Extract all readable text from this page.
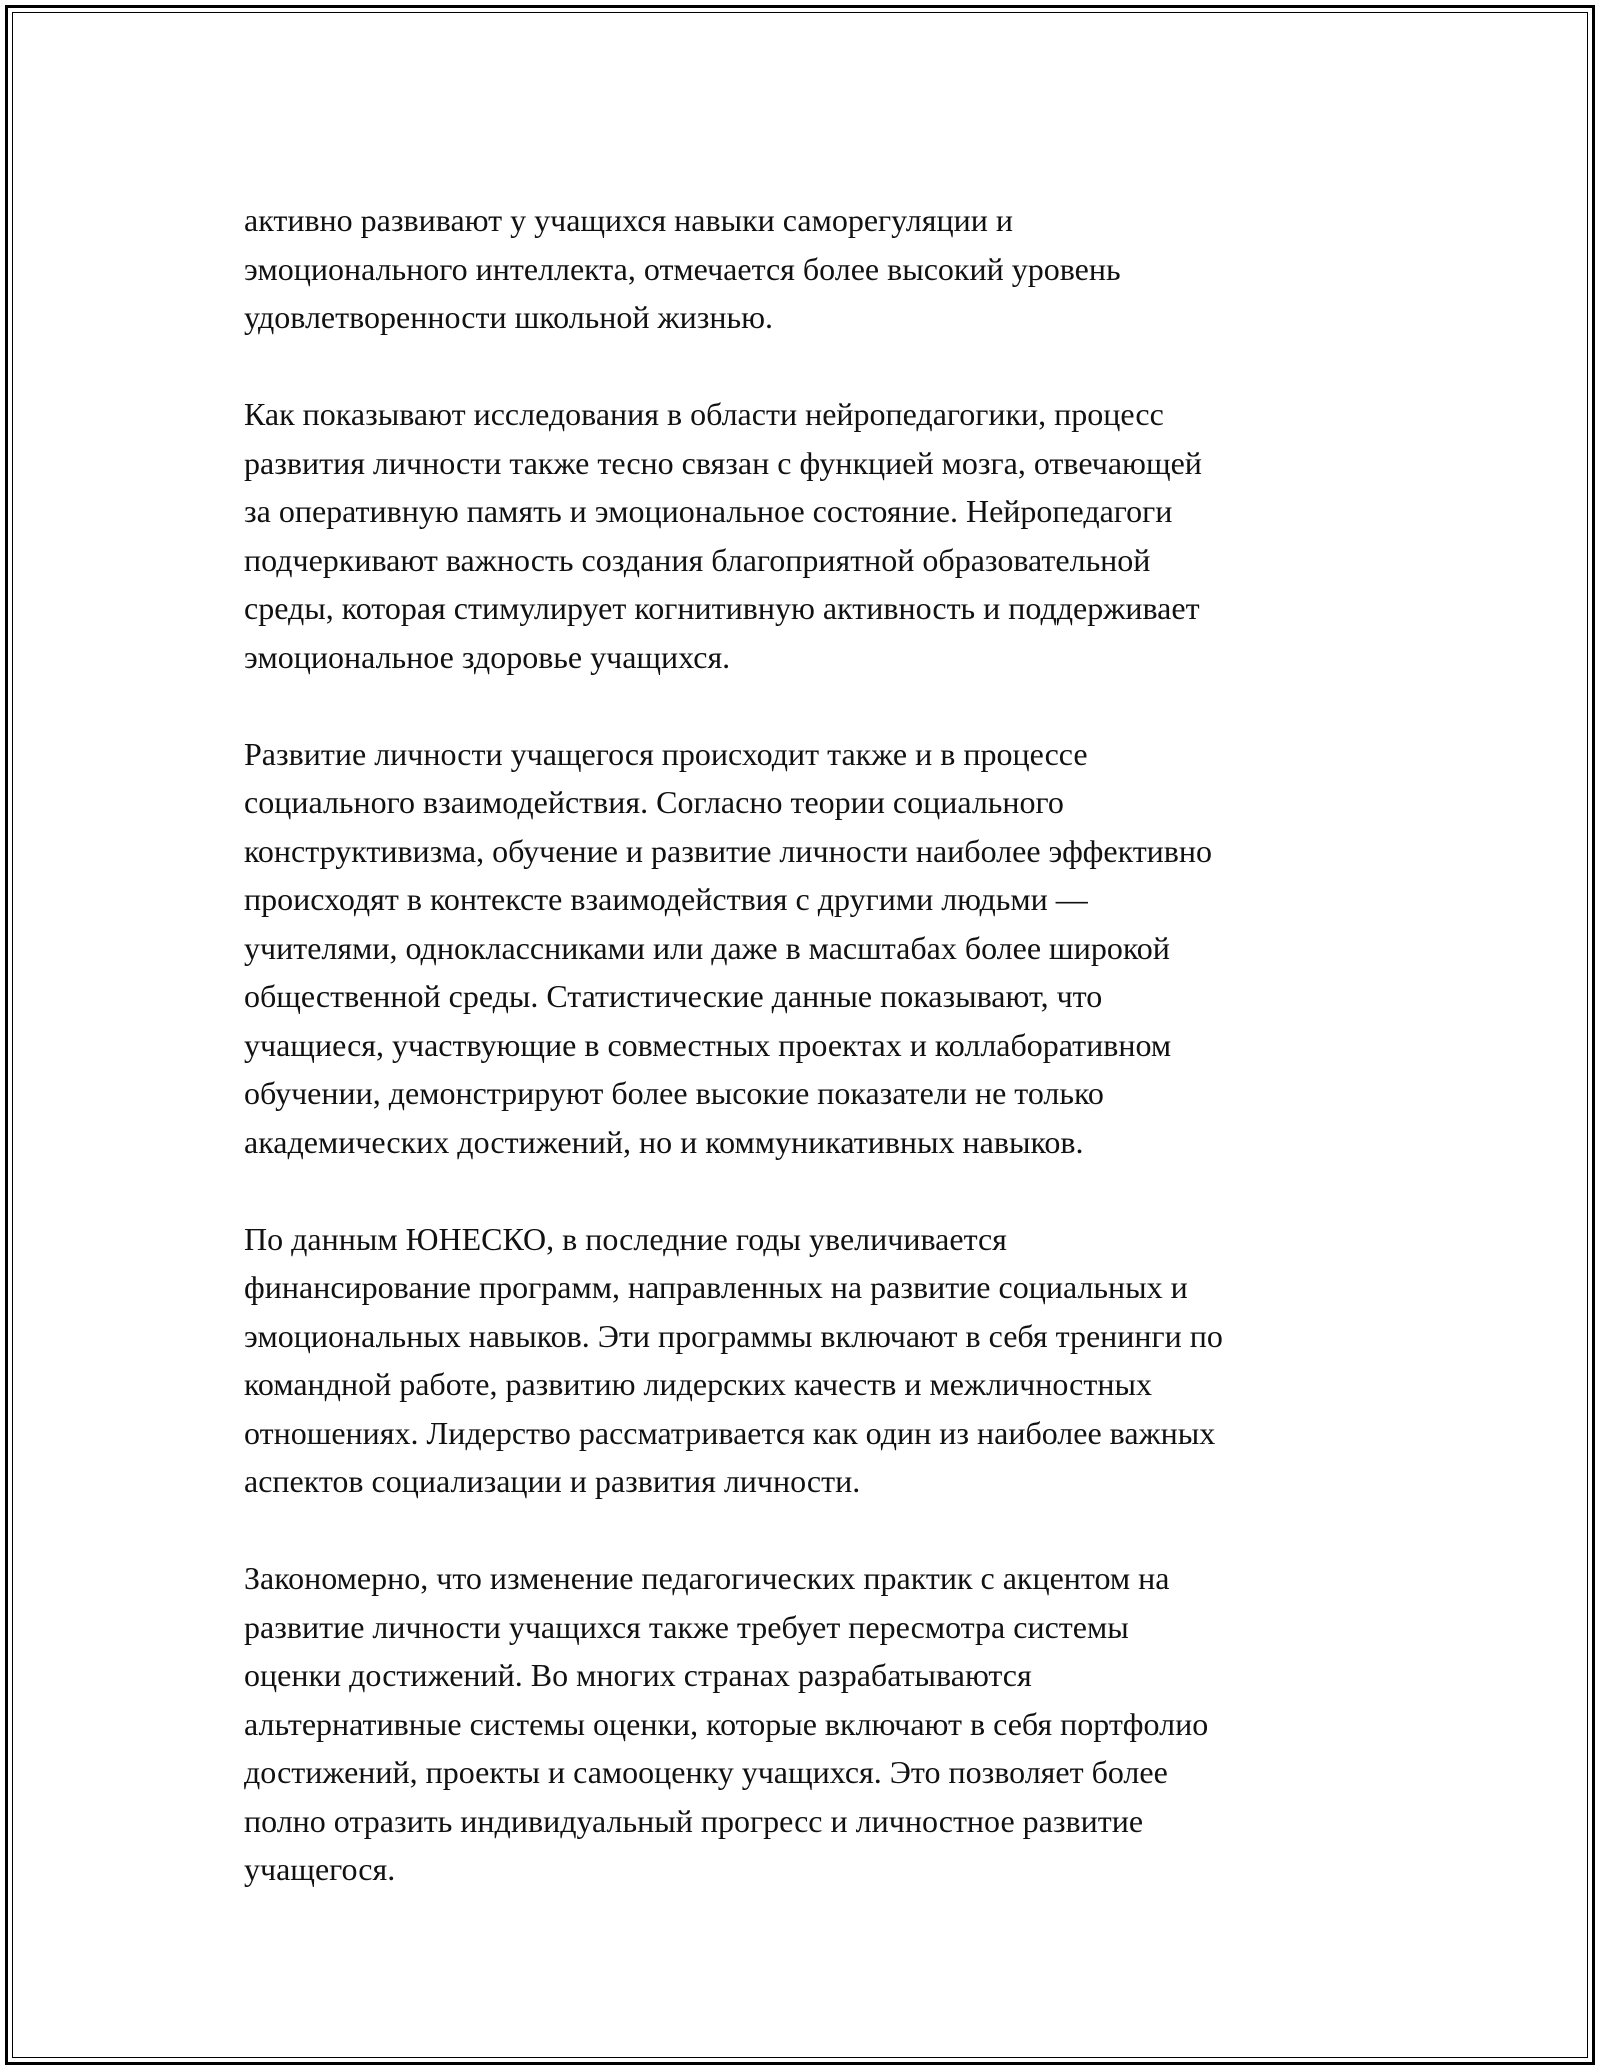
активно развивают у учащихся навыки саморегуляции и
эмоционального интеллекта, отмечается более высокий уровень
удовлетворенности школьной жизнью.

Как показывают исследования в области нейропедагогики, процесс
развития личности также тесно связан с функцией мозга, отвечающей
за оперативную память и эмоциональное состояние. Нейропедагоги
подчеркивают важность создания благоприятной образовательной
среды, которая стимулирует когнитивную активность и поддерживает
эмоциональное здоровье учащихся.

Развитие личности учащегося происходит также и в процессе
социального взаимодействия. Согласно теории социального
конструктивизма, обучение и развитие личности наиболее эффективно
происходят в контексте взаимодействия с другими людьми —
учителями, одноклассниками или даже в масштабах более широкой
общественной среды. Статистические данные показывают, что
учащиеся, участвующие в совместных проектах и коллаборативном
обучении, демонстрируют более высокие показатели не только
академических достижений, но и коммуникативных навыков.

По данным ЮНЕСКО, в последние годы увеличивается
финансирование программ, направленных на развитие социальных и
эмоциональных навыков. Эти программы включают в себя тренинги по
командной работе, развитию лидерских качеств и межличностных
отношениях. Лидерство рассматривается как один из наиболее важных
аспектов социализации и развития личности.

Закономерно, что изменение педагогических практик с акцентом на
развитие личности учащихся также требует пересмотра системы
оценки достижений. Во многих странах разрабатываются
альтернативные системы оценки, которые включают в себя портфолио
достижений, проекты и самооценку учащихся. Это позволяет более
полно отразить индивидуальный прогресс и личностное развитие
учащегося.
